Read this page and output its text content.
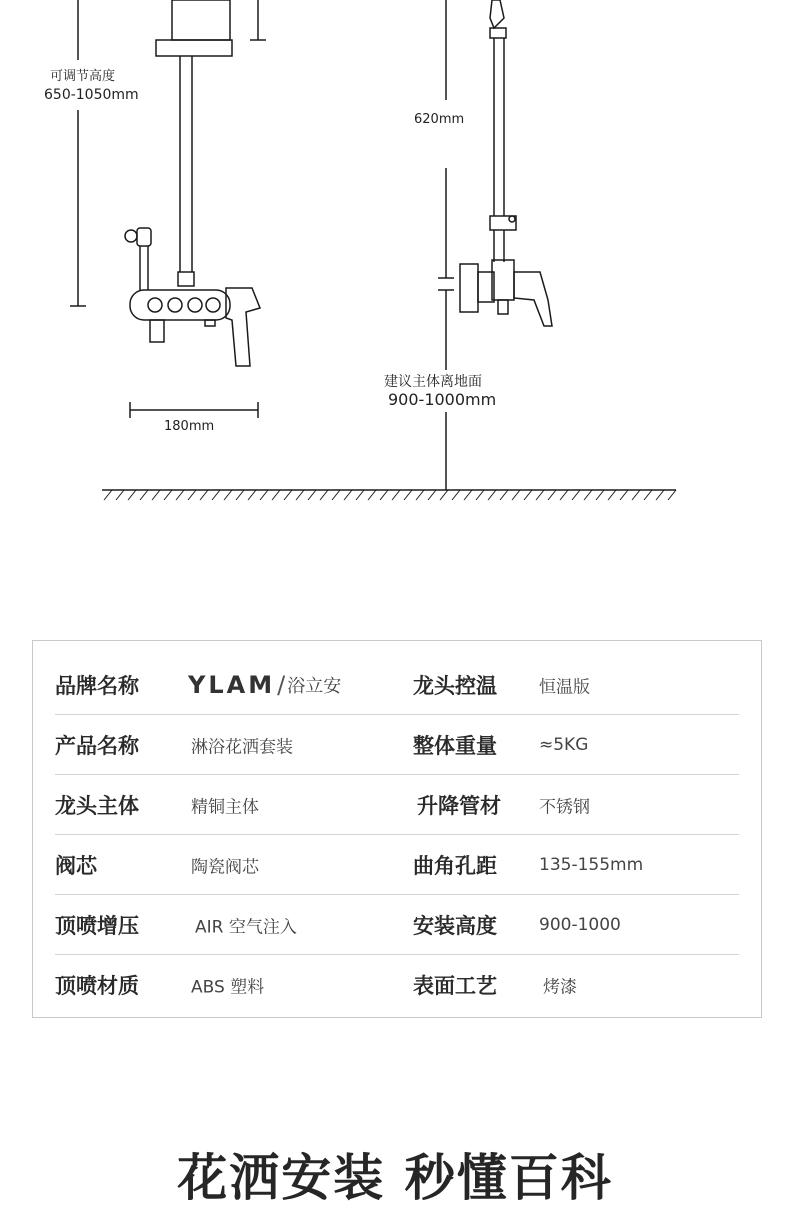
可调节高度
650-1050mm
180mm
620mm
建议主体离地面
900-1000mm
品牌名称 YLAM / 浴立安	龙头控温 恒温版
产品名称	淋浴花洒套装	整体重量 ≈5KG
龙头主体	精铜主体	升降管材 不锈钢
阀芯	陶瓷阀芯	曲角孔距 135-155mm
顶喷增压	AIR 空气注入	安装高度 900-1000
顶喷材质	ABS 塑料	表面工艺	烤漆
花洒安装 秒懂百科
